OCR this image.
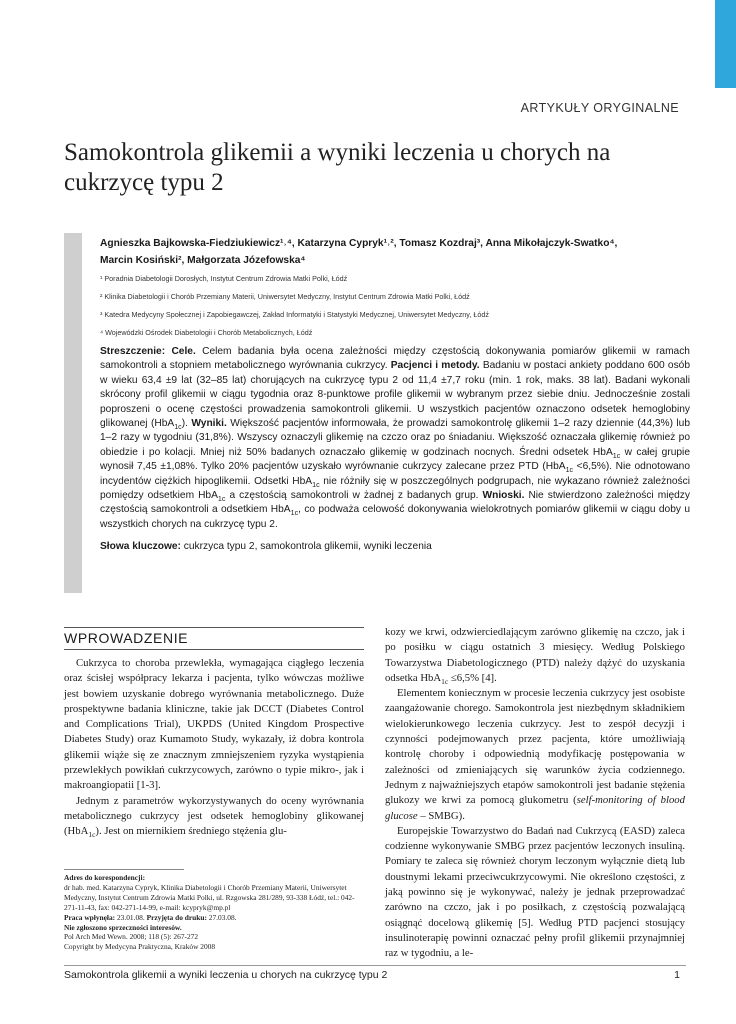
ARTYKUŁY ORYGINALNE
Samokontrola glikemii a wyniki leczenia u chorych na cukrzycę typu 2

Agnieszka Bajkowska-Fiedziukiewicz¹˒⁴, Katarzyna Cypryk¹˒², Tomasz Kozdraj³, Anna Mikołajczyk-Swatko⁴,
Marcin Kosiński², Małgorzata Józefowska⁴

¹ Poradnia Diabetologii Dorosłych, Instytut Centrum Zdrowia Matki Polki, Łódź

² Klinika Diabetologii i Chorób Przemiany Materii, Uniwersytet Medyczny, Instytut Centrum Zdrowia Matki Polki, Łódź

³ Katedra Medycyny Społecznej i Zapobiegawczej, Zakład Informatyki i Statystyki Medycznej, Uniwersytet Medyczny, Łódź

⁴ Wojewódzki Ośrodek Diabetologii i Chorób Metabolicznych, Łódź

Streszczenie: Cele. Celem badania była ocena zależności między częstością dokonywania pomiarów glikemii w ramach samokontroli a stopniem metabolicznego wyrównania cukrzycy. Pacjenci i metody. Badaniu w postaci ankiety poddano 600 osób w wieku 63,4 ±9 lat (32–85 lat) chorujących na cukrzycę typu 2 od 11,4 ±7,7 roku (min. 1 rok, maks. 38 lat). Badani wykonali skrócony profil glikemii w ciągu tygodnia oraz 8-punktowe profile glikemii w wybranym przez siebie dniu. Jednocześnie zostali poproszeni o ocenę częstości prowadzenia samokontroli glikemii. U wszystkich pacjentów oznaczono odsetek hemoglobiny glikowanej (HbA$_{1c}$). Wyniki. Większość pacjentów informowała, że prowadzi samokontrolę glikemii 1–2 razy dziennie (44,3%) lub 1–2 razy w tygodniu (31,8%). Wszyscy oznaczyli glikemię na czczo oraz po śniadaniu. Większość oznaczała glikemię również po obiedzie i po kolacji. Mniej niż 50% badanych oznaczało glikemię w godzinach nocnych. Średni odsetek HbA$_{1c}$ w całej grupie wynosił 7,45 ±1,08%. Tylko 20% pacjentów uzyskało wyrównanie cukrzycy zalecane przez PTD (HbA$_{1c}$ <6,5%). Nie odnotowano incydentów ciężkich hipoglikemii. Odsetki HbA$_{1c}$ nie różniły się w poszczególnych podgrupach, nie wykazano również zależności pomiędzy odsetkiem HbA$_{1c}$ a częstością samokontroli w żadnej z badanych grup. Wnioski. Nie stwierdzono zależności między częstością samokontroli a odsetkiem HbA$_{1c}$, co podważa celowość dokonywania wielokrotnych pomiarów glikemii w ciągu doby u wszystkich chorych na cukrzycę typu 2.

Słowa kluczowe: cukrzyca typu 2, samokontrola glikemii, wyniki leczenia

WPROWADZENIE

Cukrzyca to choroba przewlekła, wymagająca ciągłego leczenia oraz ścisłej współpracy lekarza i pacjenta, tylko wówczas możliwe jest bowiem uzyskanie dobrego wyrównania metabolicznego. Duże prospektywne badania kliniczne, takie jak DCCT (Diabetes Control and Complications Trial), UKPDS (United Kingdom Prospective Diabetes Study) oraz Kumamoto Study, wykazały, iż dobra kontrola glikemii wiąże się ze znacznym zmniejszeniem ryzyka wystąpienia przewlekłych powikłań cukrzycowych, zarówno o typie mikro-, jak i makroangiopatii [1-3].

Jednym z parametrów wykorzystywanych do oceny wyrównania metabolicznego cukrzycy jest odsetek hemoglobiny glikowanej (HbA$_{1c}$). Jest on miernikiem średniego stężenia glu-

Adres do korespondencji:

dr hab. med. Katarzyna Cypryk, Klinika Diabetologii i Chorób Przemiany Materii, Uniwersytet Medyczny, Instytut Centrum Zdrowia Matki Polki, ul. Rzgowska 281/289, 93-338 Łódź, tel.: 042-271-11-43, fax: 042-271-14-99, e-mail: kcypryk@mp.pl

Praca wpłynęła: 23.01.08. Przyjęta do druku: 27.03.08.

Nie zgłoszono sprzeczności interesów.

Pol Arch Med Wewn. 2008; 118 (5): 267-272

Copyright by Medycyna Praktyczna, Kraków 2008

kozy we krwi, odzwierciedlającym zarówno glikemię na czczo, jak i po posiłku w ciągu ostatnich 3 miesięcy. Według Polskiego Towarzystwa Diabetologicznego (PTD) należy dążyć do uzyskania odsetka HbA$_{1c}$ ≤6,5% [4].

Elementem koniecznym w procesie leczenia cukrzycy jest osobiste zaangażowanie chorego. Samokontrola jest niezbędnym składnikiem wielokierunkowego leczenia cukrzycy. Jest to zespół decyzji i czynności podejmowanych przez pacjenta, które umożliwiają kontrolę choroby i odpowiednią modyfikację postępowania w zależności od zmieniających się warunków życia codziennego. Jednym z najważniejszych etapów samokontroli jest badanie stężenia glukozy we krwi za pomocą glukometru (self-monitoring of blood glucose – SMBG).

Europejskie Towarzystwo do Badań nad Cukrzycą (EASD) zaleca codzienne wykonywanie SMBG przez pacjentów leczonych insuliną. Pomiary te zaleca się również chorym leczonym wyłącznie dietą lub doustnymi lekami przeciwcukrzycowymi. Nie określono częstości, z jaką powinno się je wykonywać, należy je jednak przeprowadzać zarówno na czczo, jak i po posiłkach, z częstością pozwalającą osiągnąć docelową glikemię [5]. Według PTD pacjenci stosujący insulinoterapię powinni oznaczać pełny profil glikemii przynajmniej raz w tygodniu, a le-

Samokontrola glikemii a wyniki leczenia u chorych na cukrzycę typu 2	1
